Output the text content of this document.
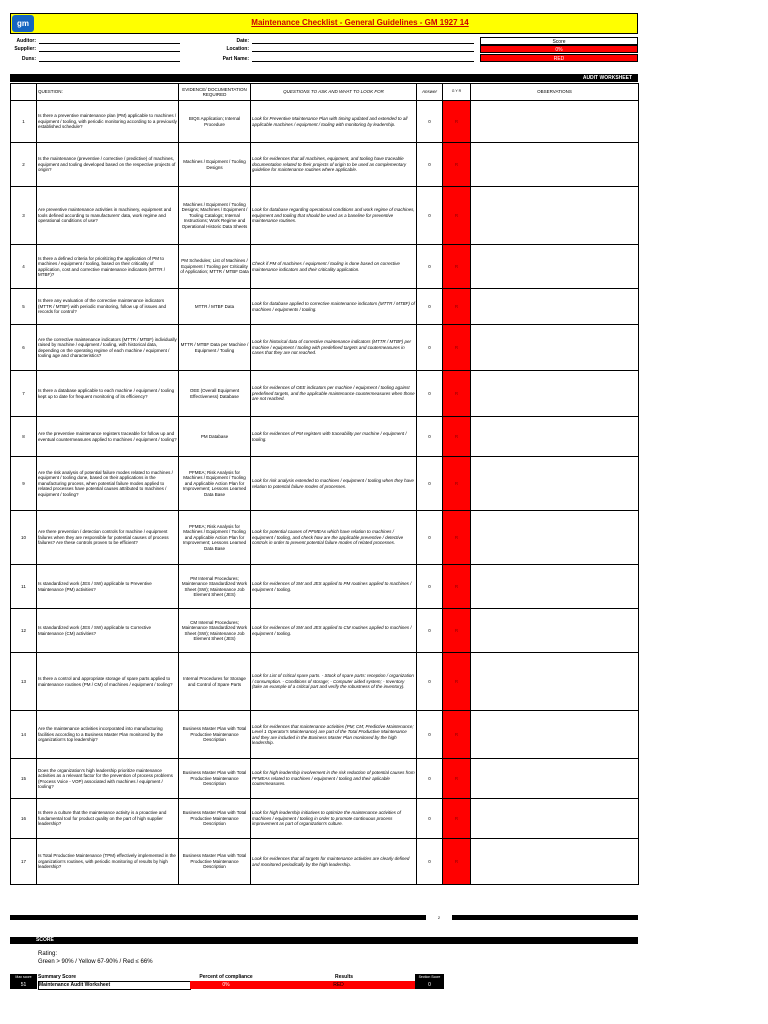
gm	Maintenance Checklist - General Guidelines - GM 1927 14
Auditor:
Supplier:
Duns:
Date:
Location:
Part Name:
Score
0%
RED
AUDIT WORKSHEET
	QUESTION:	EVIDENCE/ DOCUMENTATION REQUIRED	QUESTIONS TO ASK AND WHAT TO LOOK FOR	Answer	G Y R	OBSERVATIONS
1	Is there a preventive maintenance plan (PM) applicable to machines / equipment / tooling, with periodic monitoring according to a previously established schedule?	BIQS Application; Internal Procedure	Look for Preventive Maintenance Plan with timing updated and extended to all applicable machines / equipment / tooling with monitoring by leadership.	0	R	
2	Is the maintenance (preventive / corrective / predictive) of machines, equipment and tooling developed based on the respective projects of origin?	Machines / Equipment / Tooling Designs	Look for evidences that all machines, equipment, and tooling have traceable documentation related to their projects of origin to be used as complementary guideline for maintenance routines where applicable.	0	R	
3	Are preventive maintenance activities in machinery, equipment and tools defined according to manufacturers' data, work regime and operational conditions of use?	Machines / Equipment / Tooling Designs; Machines / Equipment / Tooling Catalogs; Internal Instructions; Work Regime and Operational Historic Data Sheets	Look for database regarding operational conditions and work regime of machines, equipment and tooling that should be used as a baseline for preventive maintenance routines.	0	R	
4	Is there a defined criteria for prioritizing the application of PM to machines / equipment / tooling, based on their criticality of application, cost and corrective maintenance indicators (MTTR / MTBF)?	PM Schedules; List of Machines / Equipment / Tooling per Criticality of Application; MTTR / MTBF Data	Check if PM of machines / equipment / tooling is done based on corrective maintenance indicators and their criticality application.	0	R	
5	Is there any evaluation of the corrective maintenance indicators (MTTR / MTBF) with periodic monitoring, follow up of issues and records for control?	MTTR / MTBF Data	Look for database applied to corrective maintenance indicators (MTTR / MTBF) of machines / equipments / tooling.	0	R	
6	Are the corrective maintenance indicators (MTTR / MTBF) individually raised by machine / equipment / tooling, with historical data, depending on the operating regime of each machine / equipment / tooling age and characteristics?	MTTR / MTBF Data per Machine / Equipment / Tooling	Look for historical data of corrective maintenance indicators (MTTR / MTBF) per machine / equipment / tooling with predefined targets and coutermeasures in cases that they are not reached.	0	R	
7	Is there a database applicable to each machine / equipment / tooling kept up to date for frequent monitoring of its efficiency?	OEE (Overall Equipment Effectiveness) Database	Look for evidences of OEE indicators per machine / equipment / tooling against predefined targets, and the applicable maintenance countermeasures when those are not reached.	0	R	
8	Are the preventive maintenance registers traceable for follow up and eventual countermeasures applied to machines / equipment / tooling?	PM Database	Look for evidences of PM registers with traceability per machine / equipment / tooling.	0	R	
9	Are the risk analysis of potential failure modes related to machines / equipment / tooling done, based on their applications in the manufacturing process, when potential failure modes applied to related processes have potential causes attributed to machines / equipment / tooling?	PFMEA; Risk Analysis for Machines / Equipment / Tooling and Applicable Action Plan for Improvement; Lessons Learned Data Base	Look for risk analysis extended to machines / equipment / tooling when they have relation to potential failure modes of processes.	0	R	
10	Are there prevention / detection controls for machine / equipment failures when they are responsible for potential causes of process failures? Are these controls proven to be efficient?	PFMEA; Risk Analysis for Machines / Equipment / Tooling and Applicable Action Plan for Improvement; Lessons Learned Data Base	Look for potential causes of PFMEAs which have relation to machines / equipment / tooling, and check how are the applicable preventive / detective controls in order to prevent potential failure modes of related processes.	0	R	
11	Is standardized work (JES / SW) applicable to Preventive Maintenance (PM) activities?	PM Internal Procedures; Maintenance Standardized Work Sheet (SW); Maintenance Job Element Sheet (JES)	Look for evidences of SW and JES applied to PM routines applied to machines / equipment / tooling.	0	R	
12	Is standardized work (JES / SW) applicable to Corrective Maintenance (CM) activities?	CM Internal Procedures; Maintenance Standardized Work Sheet (SW); Maintenance Job Element Sheet (JES)	Look for evidences of SW and JES applied to CM routines applied to machines / equipment / tooling.	0	R	
13	Is there a control and appropriate storage of spare parts applied to maintenance routines (PM / CM) of machines / equipment / tooling?	Internal Procedures for Storage and Control of Spare Parts	Look for List of critical spare parts. - Stock of spare parts: reception / organization / consumption. - Conditions of storage; - Computer aided system; - Inventory (take an example of a critical part and verify the robustness of the inventory).	0	R	
14	Are the maintenance activities incorporated into manufacturing facilities according to a Business Master Plan monitored by the organization's top leadership?	Business Master Plan with Total Productive Maintenance Description	Look for evidences that maintenance activities (PM; CM; Predictive Maintenance; Level 1 Operator's Maintenance) are part of the Total Productive Maintenance and they are included in the Business Master Plan monitored by the high leadership.	0	R	
15	Does the organization's high leadership prioritize maintenance activities as a relevant factor for the prevention of process problems (Process Voice - VOP) associated with machines / equipment / tooling?	Business Master Plan with Total Productive Maintenance Description	Look for high leadership involvement in the risk reduction of potential causes from PFMEAs related to machines / equipment / tooling and their aplicable coutermeasures.	0	R	
16	Is there a culture that the maintenance activity is a proactive and fundamental tool for product quality on the part of high supplier leadership?	Business Master Plan with Total Productive Maintenance Description	Look for high leadership initiatives to optimize the maintenance activities of machines / equipment / tooling in order to promote continuous process improvement as part of organization's culture.	0	R	
17	Is Total Productive Maintenance (TPM) effectively implemented in the organization's routines, with periodic monitoring of results by high leadership?	Business Master Plan with Total Productive Maintenance Description	Look for evidences that all targets for maintenance activities are clearly defined and monitored periodically by the high leadership.	0	R	
2
SCORE
Rating:
Green > 90% / Yellow 67-90% / Red ≤ 66%
Max score	Summary Score	Percent of compliance	Results	Section Score
51	Maintenance Audit Worksheet	0%	RED	0
